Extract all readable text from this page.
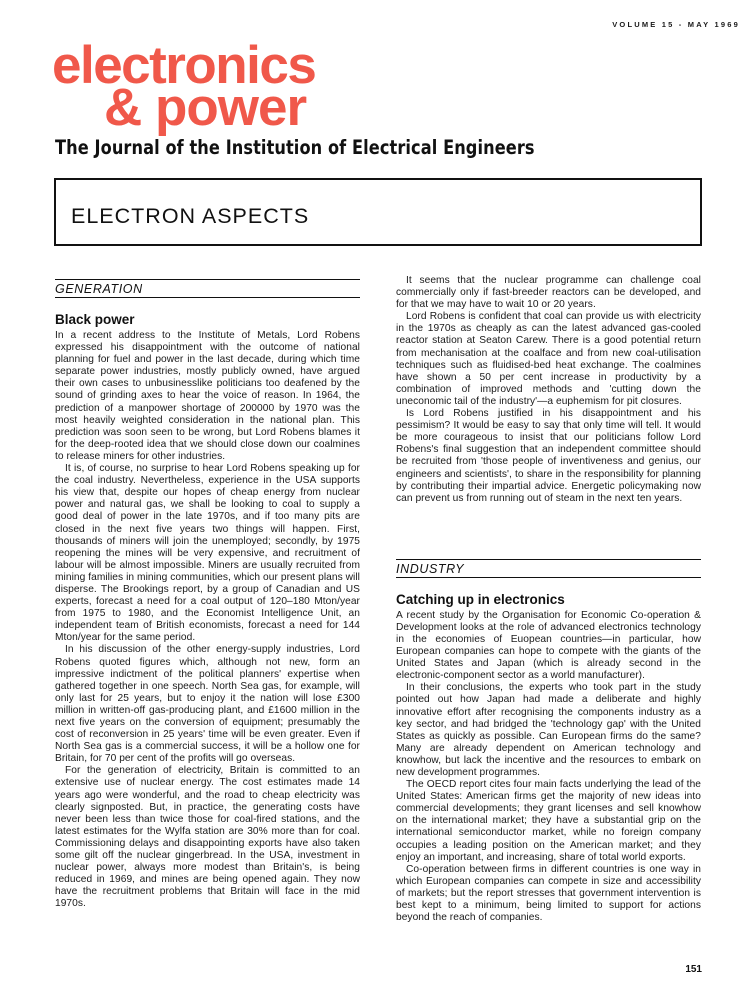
VOLUME 15 - MAY 1969
electronics
& power
The Journal of the Institution of Electrical Engineers
ELECTRON ASPECTS
GENERATION
Black power

In a recent address to the Institute of Metals, Lord Robens expressed his disappointment with the outcome of national planning for fuel and power in the last decade, during which time separate power industries, mostly publicly owned, have argued their own cases to unbusinesslike politicians too deafened by the sound of grinding axes to hear the voice of reason. In 1964, the prediction of a manpower shortage of 200000 by 1970 was the most heavily weighted consideration in the national plan. This prediction was soon seen to be wrong, but Lord Robens blames it for the deep-rooted idea that we should close down our coalmines to release miners for other industries.

It is, of course, no surprise to hear Lord Robens speaking up for the coal industry. Nevertheless, experience in the USA supports his view that, despite our hopes of cheap energy from nuclear power and natural gas, we shall be looking to coal to supply a good deal of power in the late 1970s, and if too many pits are closed in the next five years two things will happen. First, thousands of miners will join the unemployed; secondly, by 1975 reopening the mines will be very expensive, and recruitment of labour will be almost impossible. Miners are usually recruited from mining families in mining communities, which our present plans will disperse. The Brookings report, by a group of Canadian and US experts, forecast a need for a coal output of 120–180 Mton/year from 1975 to 1980, and the Economist Intelligence Unit, an independent team of British economists, forecast a need for 144 Mton/year for the same period.

In his discussion of the other energy-supply industries, Lord Robens quoted figures which, although not new, form an impressive indictment of the political planners' expertise when gathered together in one speech. North Sea gas, for example, will only last for 25 years, but to enjoy it the nation will lose £300 million in written-off gas-producing plant, and £1600 million in the next five years on the conversion of equipment; presumably the cost of reconversion in 25 years' time will be even greater. Even if North Sea gas is a commercial success, it will be a hollow one for Britain, for 70 per cent of the profits will go overseas.

For the generation of electricity, Britain is committed to an extensive use of nuclear energy. The cost estimates made 14 years ago were wonderful, and the road to cheap electricity was clearly signposted. But, in practice, the generating costs have never been less than twice those for coal-fired stations, and the latest estimates for the Wylfa station are 30% more than for coal. Commissioning delays and disappointing exports have also taken some gilt off the nuclear gingerbread. In the USA, investment in nuclear power, always more modest than Britain's, is being reduced in 1969, and mines are being opened again. They now have the recruitment problems that Britain will face in the mid 1970s.

It seems that the nuclear programme can challenge coal commercially only if fast-breeder reactors can be developed, and for that we may have to wait 10 or 20 years.

Lord Robens is confident that coal can provide us with electricity in the 1970s as cheaply as can the latest advanced gas-cooled reactor station at Seaton Carew. There is a good potential return from mechanisation at the coalface and from new coal-utilisation techniques such as fluidised-bed heat exchange. The coalmines have shown a 50 per cent increase in productivity by a combination of improved methods and 'cutting down the uneconomic tail of the industry'—a euphemism for pit closures.

Is Lord Robens justified in his disappointment and his pessimism? It would be easy to say that only time will tell. It would be more courageous to insist that our politicians follow Lord Robens's final suggestion that an independent committee should be recruited from 'those people of inventiveness and genius, our engineers and scientists', to share in the responsibility for planning by contributing their impartial advice. Energetic policymaking now can prevent us from running out of steam in the next ten years.

INDUSTRY
Catching up in electronics

A recent study by the Organisation for Economic Co-operation & Development looks at the role of advanced electronics technology in the economies of Euopean countries—in particular, how European companies can hope to compete with the giants of the United States and Japan (which is already second in the electronic-component sector as a world manufacturer).

In their conclusions, the experts who took part in the study pointed out how Japan had made a deliberate and highly innovative effort after recognising the components industry as a key sector, and had bridged the 'technology gap' with the United States as quickly as possible. Can European firms do the same? Many are already dependent on American technology and knowhow, but lack the incentive and the resources to embark on new development programmes.

The OECD report cites four main facts underlying the lead of the United States: American firms get the majority of new ideas into commercial developments; they grant licenses and sell knowhow on the international market; they have a substantial grip on the international semiconductor market, while no foreign company occupies a leading position on the American market; and they enjoy an important, and increasing, share of total world exports.

Co-operation between firms in different countries is one way in which European companies can compete in size and accessibility of markets; but the report stresses that government intervention is best kept to a minimum, being limited to support for actions beyond the reach of companies.

151
